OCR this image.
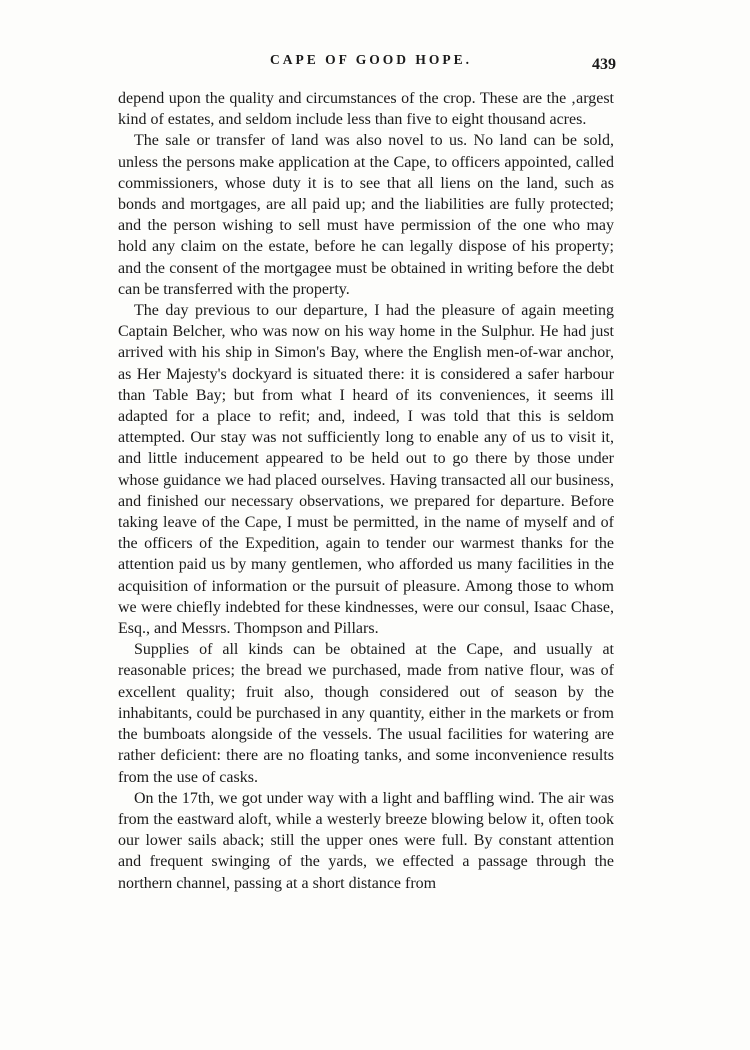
CAPE OF GOOD HOPE.	439

depend upon the quality and circumstances of the crop. These are the ‚argest kind of estates, and seldom include less than five to eight thousand acres.

The sale or transfer of land was also novel to us. No land can be sold, unless the persons make application at the Cape, to officers appointed, called commissioners, whose duty it is to see that all liens on the land, such as bonds and mortgages, are all paid up; and the liabilities are fully protected; and the person wishing to sell must have permission of the one who may hold any claim on the estate, before he can legally dispose of his property; and the consent of the mortgagee must be obtained in writing before the debt can be transferred with the property.

The day previous to our departure, I had the pleasure of again meeting Captain Belcher, who was now on his way home in the Sulphur. He had just arrived with his ship in Simon's Bay, where the English men-of-war anchor, as Her Majesty's dockyard is situated there: it is considered a safer harbour than Table Bay; but from what I heard of its conveniences, it seems ill adapted for a place to refit; and, indeed, I was told that this is seldom attempted. Our stay was not sufficiently long to enable any of us to visit it, and little inducement appeared to be held out to go there by those under whose guidance we had placed ourselves. Having transacted all our business, and finished our necessary observations, we prepared for departure. Before taking leave of the Cape, I must be permitted, in the name of myself and of the officers of the Expedition, again to tender our warmest thanks for the attention paid us by many gentlemen, who afforded us many facilities in the acquisition of information or the pursuit of pleasure. Among those to whom we were chiefly indebted for these kindnesses, were our consul, Isaac Chase, Esq., and Messrs. Thompson and Pillars.

Supplies of all kinds can be obtained at the Cape, and usually at reasonable prices; the bread we purchased, made from native flour, was of excellent quality; fruit also, though considered out of season by the inhabitants, could be purchased in any quantity, either in the markets or from the bumboats alongside of the vessels. The usual facilities for watering are rather deficient: there are no floating tanks, and some inconvenience results from the use of casks.

On the 17th, we got under way with a light and baffling wind. The air was from the eastward aloft, while a westerly breeze blowing below it, often took our lower sails aback; still the upper ones were full. By constant attention and frequent swinging of the yards, we effected a passage through the northern channel, passing at a short distance from
